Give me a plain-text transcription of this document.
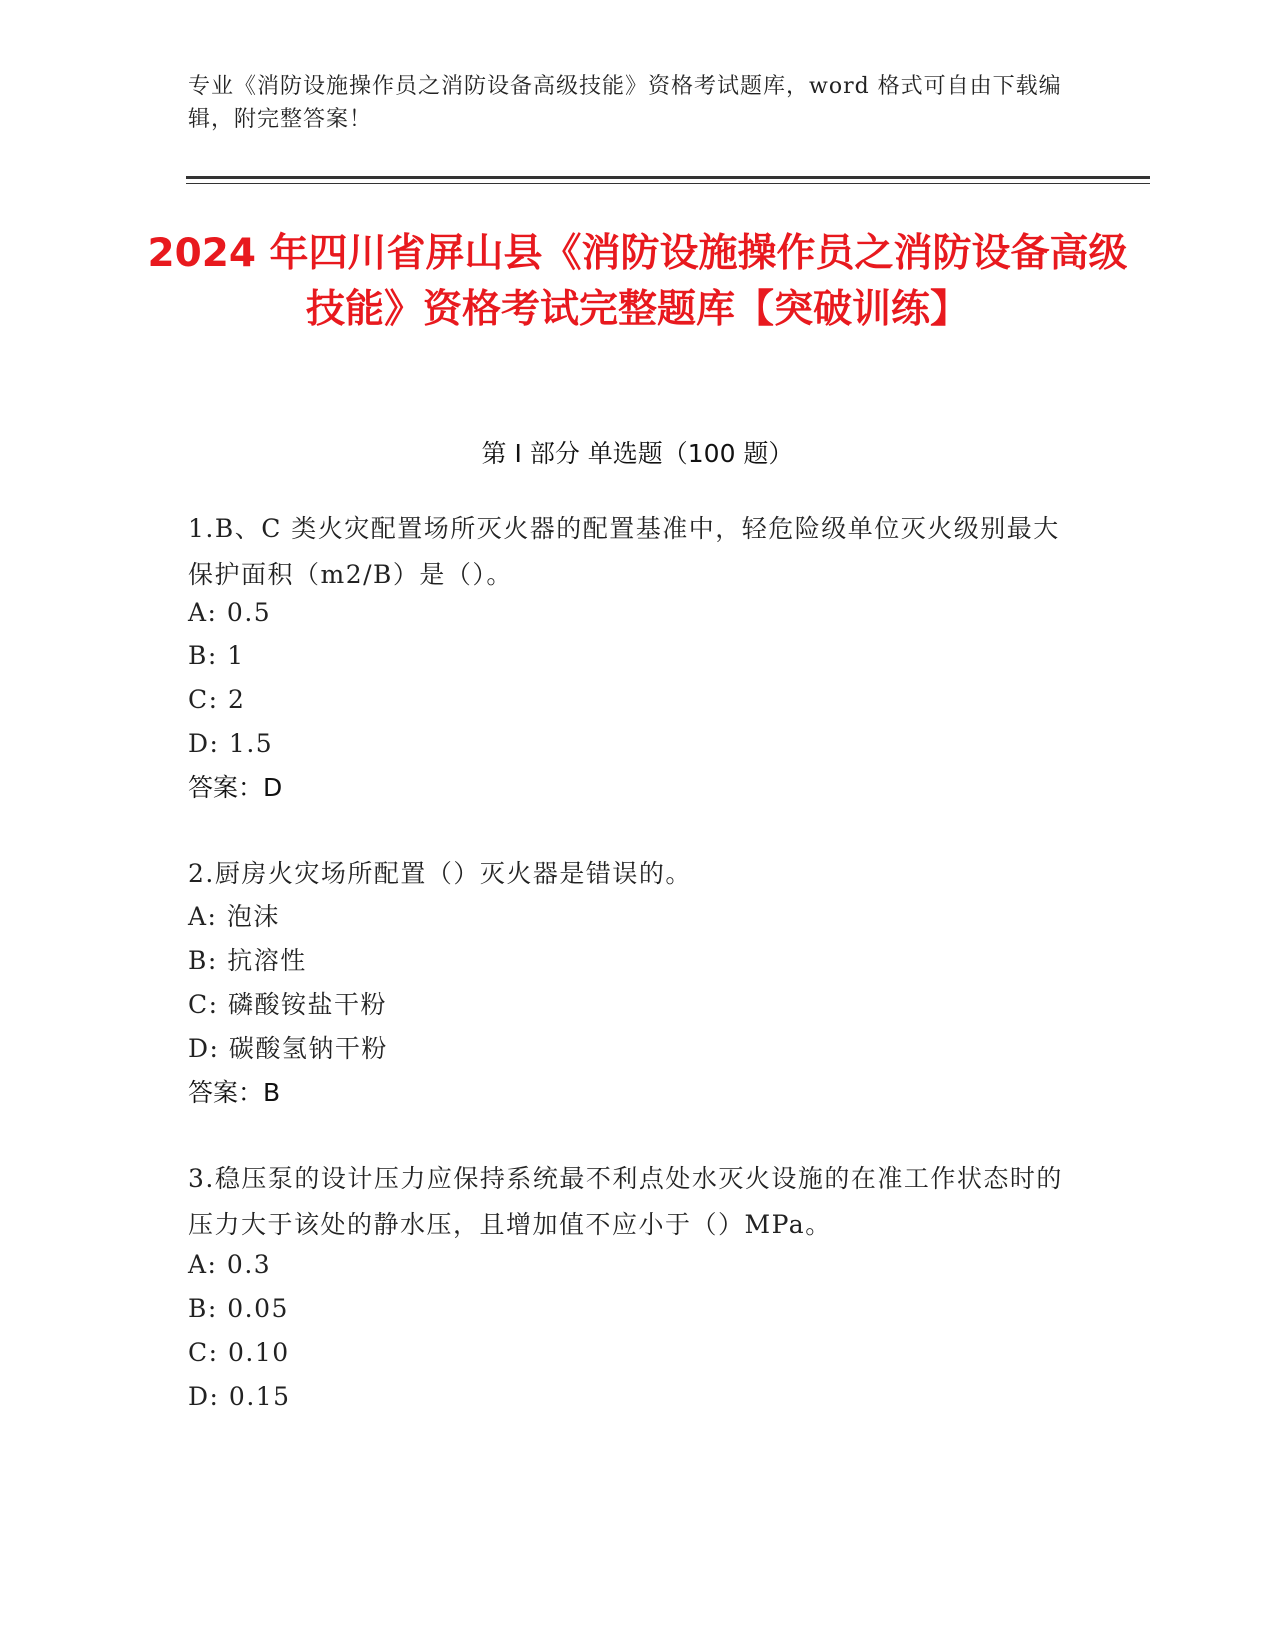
专业《消防设施操作员之消防设备高级技能》资格考试题库，word 格式可自由下载编辑，附完整答案！
2024 年四川省屏山县《消防设施操作员之消防设备高级技能》资格考试完整题库【突破训练】
第 I 部分 单选题（100 题）
1.B、C 类火灾配置场所灭火器的配置基准中，轻危险级单位灭火级别最大保护面积（m2/B）是（）。
A: 0.5
B: 1
C: 2
D: 1.5
答案：D
2.厨房火灾场所配置（）灭火器是错误的。
A: 泡沫
B: 抗溶性
C: 磷酸铵盐干粉
D: 碳酸氢钠干粉
答案：B
3.稳压泵的设计压力应保持系统最不利点处水灭火设施的在准工作状态时的压力大于该处的静水压，且增加值不应小于（）MPa。
A: 0.3
B: 0.05
C: 0.10
D: 0.15
